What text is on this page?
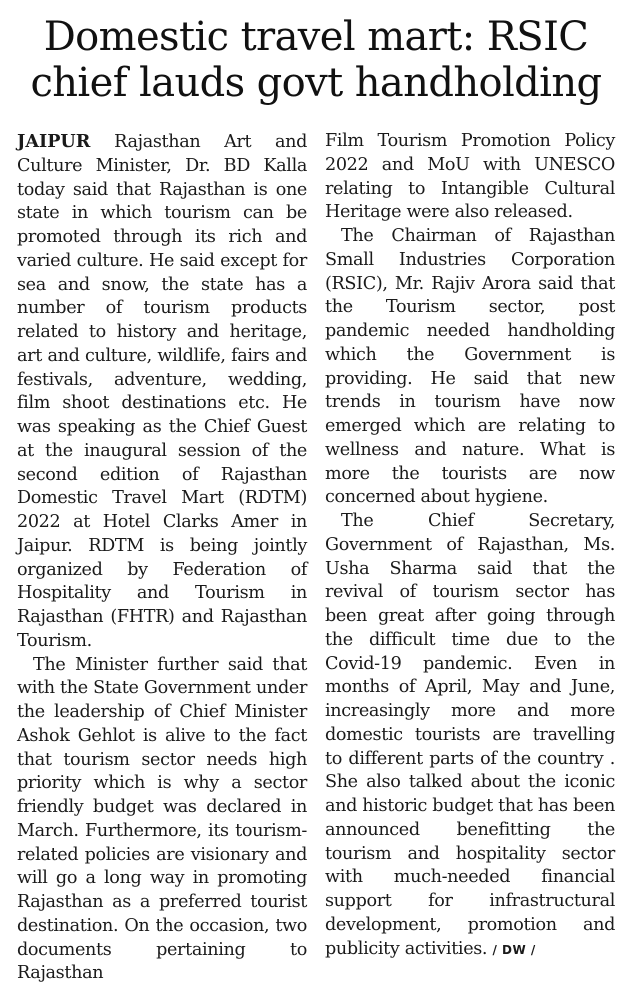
Domestic travel mart: RSIC
chief lauds govt handholding

JAIPUR Rajasthan Art and Culture Minister, Dr. BD Kalla today said that Rajasthan is one state in which tourism can be promoted through its rich and varied culture. He said except for sea and snow, the state has a number of tourism products related to history and heritage, art and culture, wildlife, fairs and festivals, adventure, wedding, film shoot destinations etc. He was speaking as the Chief Guest at the inaugural session of the second edition of Rajasthan Domestic Travel Mart (RDTM) 2022 at Hotel Clarks Amer in Jaipur. RDTM is being jointly organized by Federation of Hospitality and Tourism in Rajasthan (FHTR) and Rajasthan Tourism.

The Minister further said that with the State Government under the leadership of Chief Minister Ashok Gehlot is alive to the fact that tourism sector needs high priority which is why a sector friendly budget was declared in March. Furthermore, its tourism-related policies are visionary and will go a long way in promoting Rajasthan as a preferred tourist destination. On the occasion, two documents pertaining to Rajasthan

Film Tourism Promotion Policy 2022 and MoU with UNESCO relating to Intangible Cultural Heritage were also released.

The Chairman of Rajasthan Small Industries Corporation (RSIC), Mr. Rajiv Arora said that the Tourism sector, post pandemic needed handholding which the Government is providing. He said that new trends in tourism have now emerged which are relating to wellness and nature. What is more the tourists are now concerned about hygiene.

The Chief Secretary, Government of Rajasthan, Ms. Usha Sharma said that the revival of tourism sector has been great after going through the difficult time due to the Covid-19 pandemic. Even in months of April, May and June, increasingly more and more domestic tourists are travelling to different parts of the country . She also talked about the iconic and historic budget that has been announced benefitting the tourism and hospitality sector with much-needed financial support for infrastructural development, promotion and publicity activities. / DW /
